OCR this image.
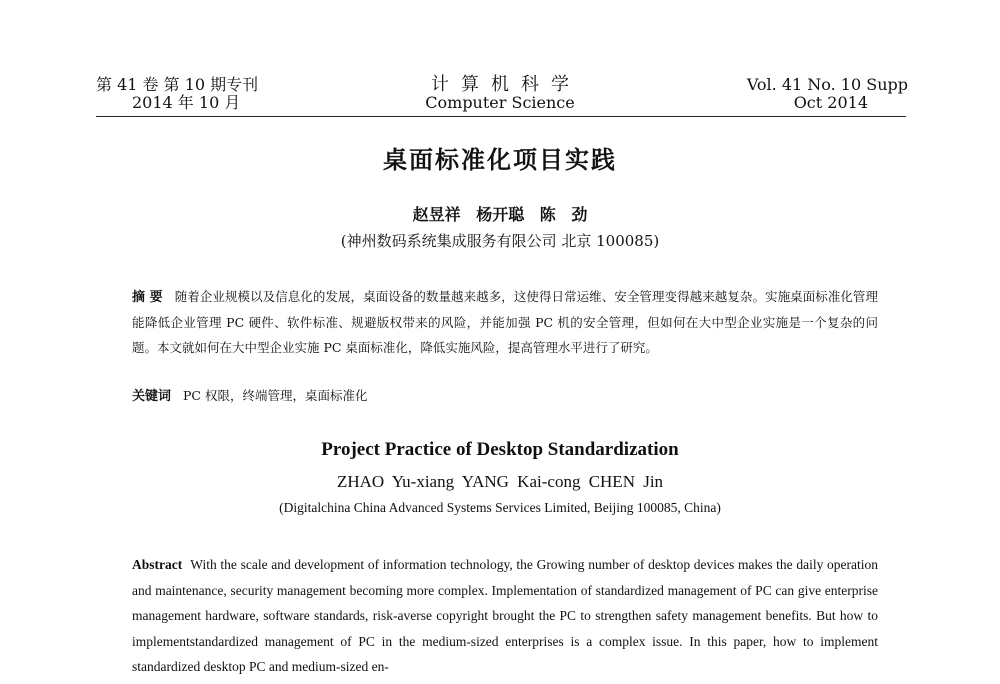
第 41 卷 第 10 期专刊
2014 年 10 月
计算机科学
Computer Science
Vol. 41 No. 10 Supp
Oct 2014
桌面标准化项目实践
赵昱祥 杨开聪 陈 劲
(神州数码系统集成服务有限公司 北京 100085)
摘 要 随着企业规模以及信息化的发展，桌面设备的数量越来越多，这使得日常运维、安全管理变得越来越复杂。实施桌面标准化管理能降低企业管理 PC 硬件、软件标准、规避版权带来的风险，并能加强 PC 机的安全管理，但如何在大中型企业实施是一个复杂的问题。本文就如何在大中型企业实施 PC 桌面标准化，降低实施风险，提高管理水平进行了研究。
关键词 PC 权限，终端管理，桌面标准化
Project Practice of Desktop Standardization
ZHAO Yu-xiang YANG Kai-cong CHEN Jin
(Digitalchina China Advanced Systems Services Limited, Beijing 100085, China)
Abstract With the scale and development of information technology, the Growing number of desktop devices makes the daily operation and maintenance, security management becoming more complex. Implementation of standardized management of PC can give enterprise management hardware, software standards, risk-averse copyright brought the PC to strengthen safety management benefits. But how to implementstandardized management of PC in the medium-sized enterprises is a complex issue. In this paper, how to implement standardized desktop PC and medium-sized en-
